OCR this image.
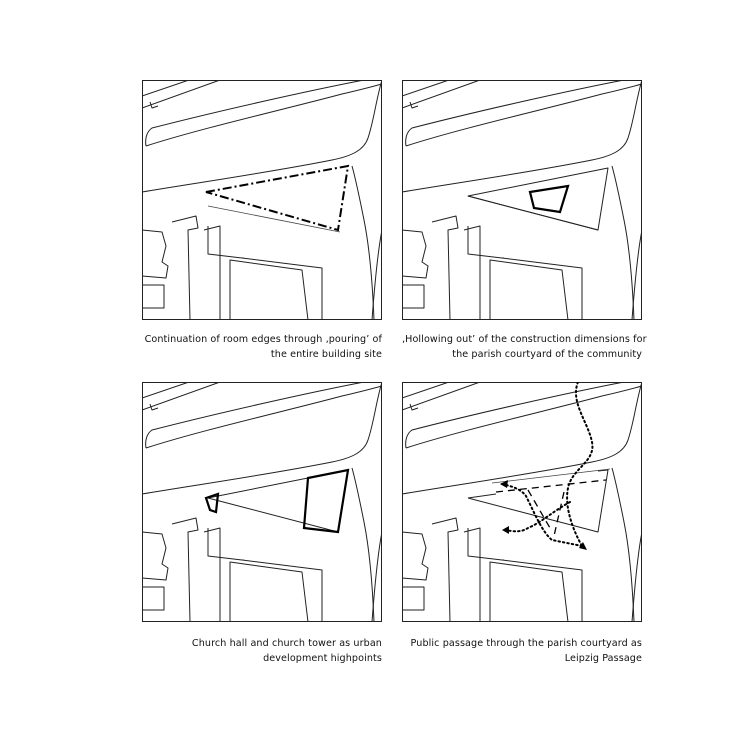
Continuation of room edges through ‚pouring’ of
the entire building site
‚Hollowing out’ of the construction dimensions for
the parish courtyard of the community
Church hall and church tower as urban
development highpoints
Public passage through the parish courtyard as
Leipzig Passage
